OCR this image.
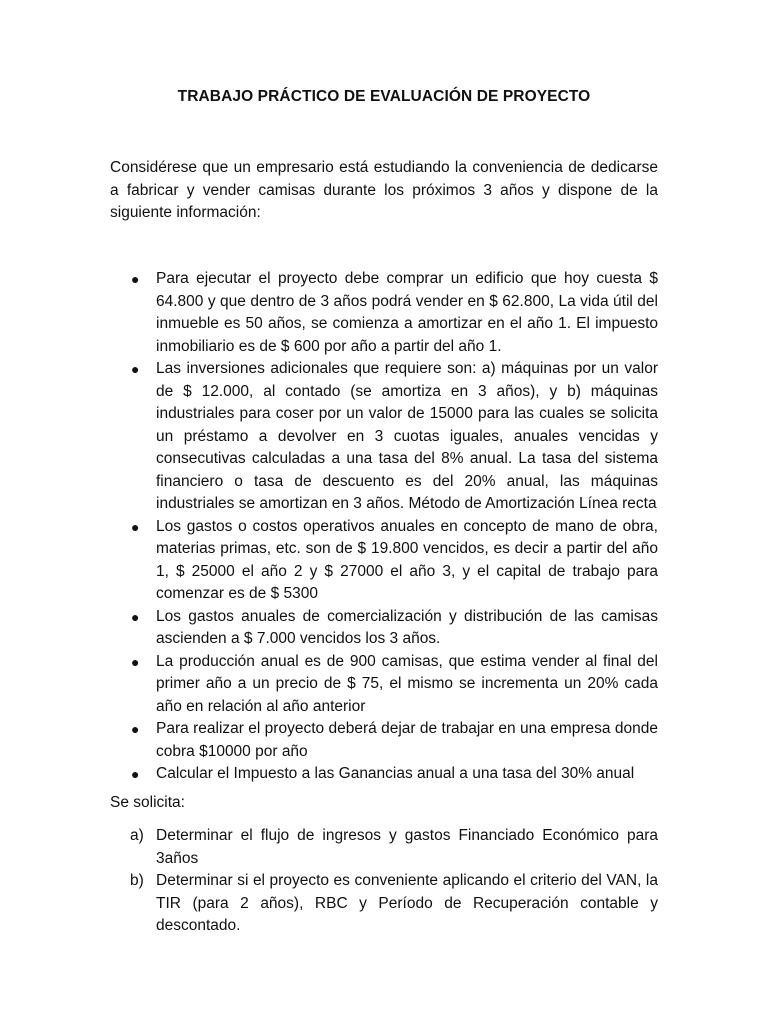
TRABAJO PRÁCTICO DE EVALUACIÓN DE PROYECTO
Considérese que un empresario está estudiando la conveniencia de dedicarse a fabricar y vender camisas durante los próximos 3 años y dispone de la siguiente información:
● Para ejecutar el proyecto debe comprar un edificio que hoy cuesta $ 64.800 y que dentro de 3 años podrá vender en $ 62.800, La vida útil del inmueble es 50 años, se comienza a amortizar en el año 1. El impuesto inmobiliario es de $ 600 por año a partir del año 1.
● Las inversiones adicionales que requiere son: a) máquinas por un valor de $ 12.000, al contado (se amortiza en 3 años), y b) máquinas industriales para coser por un valor de 15000 para las cuales se solicita un préstamo a devolver en 3 cuotas iguales, anuales vencidas y consecutivas calculadas a una tasa del 8% anual. La tasa del sistema financiero o tasa de descuento es del 20% anual, las máquinas industriales se amortizan en 3 años. Método de Amortización Línea recta
● Los gastos o costos operativos anuales en concepto de mano de obra, materias primas, etc. son de $ 19.800 vencidos, es decir a partir del año 1, $ 25000 el año 2 y $ 27000 el año 3, y el capital de trabajo para comenzar es de $ 5300
● Los gastos anuales de comercialización y distribución de las camisas ascienden a $ 7.000 vencidos los 3 años.
● La producción anual es de 900 camisas, que estima vender al final del primer año a un precio de $ 75, el mismo se incrementa un 20% cada año en relación al año anterior
● Para realizar el proyecto deberá dejar de trabajar en una empresa donde cobra $10000 por año
● Calcular el Impuesto a las Ganancias anual a una tasa del 30% anual
Se solicita:
a) Determinar el flujo de ingresos y gastos Financiado Económico para 3años
b) Determinar si el proyecto es conveniente aplicando el criterio del VAN, la TIR (para 2 años), RBC y Período de Recuperación contable y descontado.
